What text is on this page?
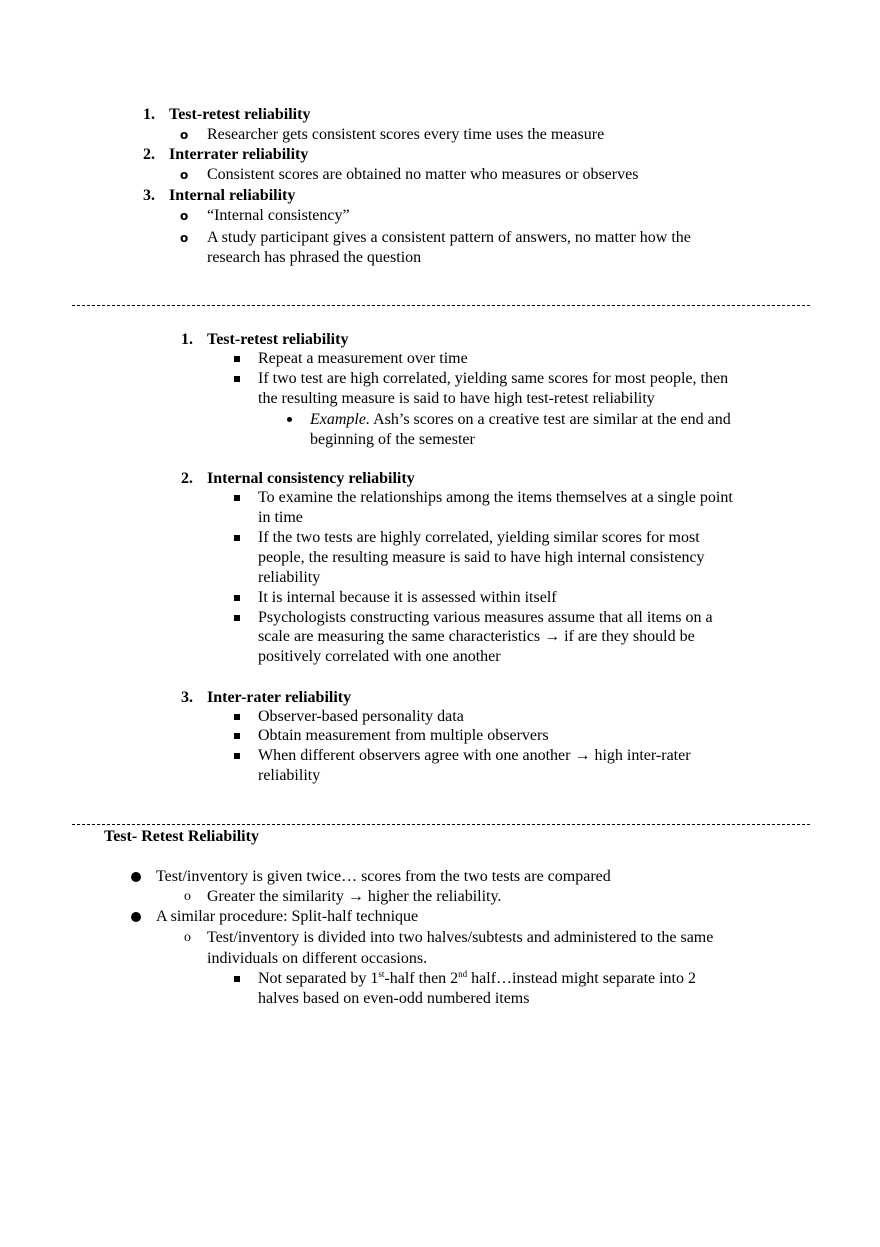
1. Test-retest reliability
o Researcher gets consistent scores every time uses the measure
2. Interrater reliability
o Consistent scores are obtained no matter who measures or observes
3. Internal reliability
o “Internal consistency”
o A study participant gives a consistent pattern of answers, no matter how the
research has phrased the question
1. Test-retest reliability
Repeat a measurement over time
If two test are high correlated, yielding same scores for most people, then
the resulting measure is said to have high test-retest reliability
Example. Ash’s scores on a creative test are similar at the end and
beginning of the semester
2. Internal consistency reliability
To examine the relationships among the items themselves at a single point
in time
If the two tests are highly correlated, yielding similar scores for most
people, the resulting measure is said to have high internal consistency
reliability
It is internal because it is assessed within itself
Psychologists constructing various measures assume that all items on a
scale are measuring the same characteristics → if are they should be
positively correlated with one another
3. Inter-rater reliability
Observer-based personality data
Obtain measurement from multiple observers
When different observers agree with one another → high inter-rater
reliability
Test- Retest Reliability
Test/inventory is given twice… scores from the two tests are compared
o Greater the similarity → higher the reliability.
A similar procedure: Split-half technique
o Test/inventory is divided into two halves/subtests and administered to the same
individuals on different occasions.
Not separated by 1st-half then 2nd half…instead might separate into 2
halves based on even-odd numbered items
